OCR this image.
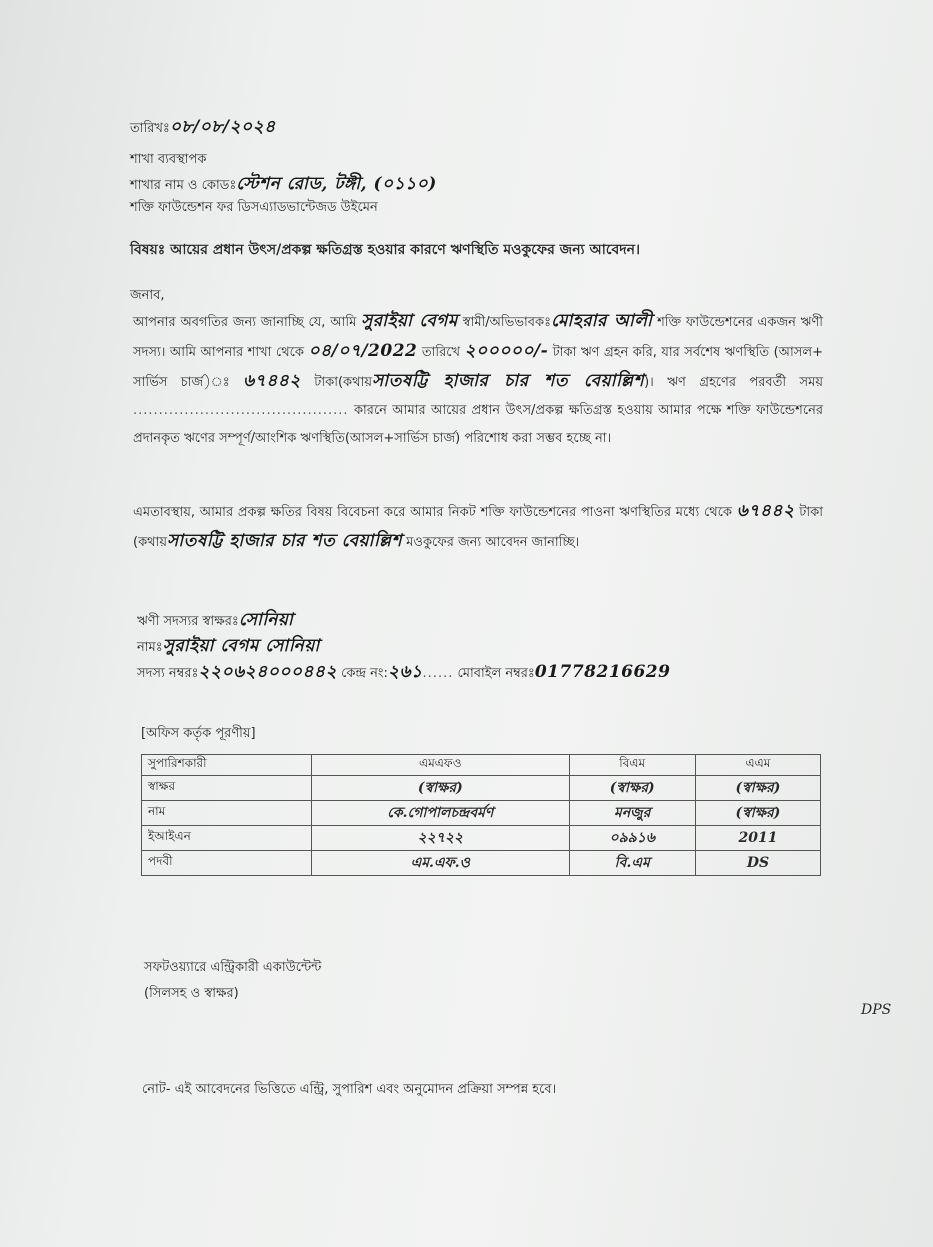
তারিখঃ০৮/০৮/২০২৪
শাখা ব্যবস্থাপক
শাখার নাম ও কোডঃস্টেশন রোড, টঙ্গী, (০১১০)
শক্তি ফাউন্ডেশন ফর ডিসএ্যাডভান্টেজড উইমেন
বিষয়ঃ আয়ের প্রধান উৎস/প্রকল্প ক্ষতিগ্রস্ত হওয়ার কারণে ঋণস্থিতি মওকুফের জন্য আবেদন।
জনাব,
আপনার অবগতির জন্য জানাচ্ছি যে, আমি সুরাইয়া বেগম স্বামী/অভিভাবকঃমোহরার আলী শক্তি ফাউন্ডেশনের একজন ঋণী সদস্য। আমি আপনার শাখা থেকে ০৪/০৭/2022 তারিখে ২০০০০০/- টাকা ঋণ গ্রহন করি, যার সর্বশেষ ঋণস্থিতি (আসল+ সার্ভিস চার্জ)ঃ ৬৭৪৪২ টাকা(কথায়সাতষট্টি হাজার চার শত বেয়াল্লিশ)। ঋণ গ্রহণের পরবর্তী সময় .......................................... কারনে আমার আয়ের প্রধান উৎস/প্রকল্প ক্ষতিগ্রস্ত হওয়ায় আমার পক্ষে শক্তি ফাউন্ডেশনের প্রদানকৃত ঋণের সম্পূর্ণ/আংশিক ঋণস্থিতি(আসল+সার্ভিস চার্জ) পরিশোধ করা সম্ভব হচ্ছে না।
এমতাবস্থায়, আমার প্রকল্প ক্ষতির বিষয় বিবেচনা করে আমার নিকট শক্তি ফাউন্ডেশনের পাওনা ঋণস্থিতির মধ্যে থেকে ৬৭৪৪২ টাকা (কথায়সাতষট্টি হাজার চার শত বেয়াল্লিশ মওকুফের জন্য আবেদন জানাচ্ছি।
ঋণী সদস্যর স্বাক্ষরঃসোনিয়া
নামঃসুরাইয়া বেগম সোনিয়া
সদস্য নম্বরঃ২২০৬২৪০০০৪৪২ কেন্দ্র নং:২৬১...... মোবাইল নম্বরঃ01778216629
[অফিস কর্তৃক পূরণীয়]
সুপারিশকারী	এমএফও	বিএম	এএম
স্বাক্ষর	(স্বাক্ষর)	(স্বাক্ষর)	(স্বাক্ষর)
নাম	কে.গোপালচন্দ্রবর্মণ	মনজুর	(স্বাক্ষর)
ইআইএন	২২৭২২	০৯৯১৬	2011
পদবী	এম.এফ.ও	বি.এম	DS
সফটওয়্যারে এন্ট্রিকারী একাউন্টেন্ট
(সিলসহ ও স্বাক্ষর)
DPS
নোট- এই আবেদনের ভিত্তিতে এন্ট্রি, সুপারিশ এবং অনুমোদন প্রক্রিয়া সম্পন্ন হবে।
